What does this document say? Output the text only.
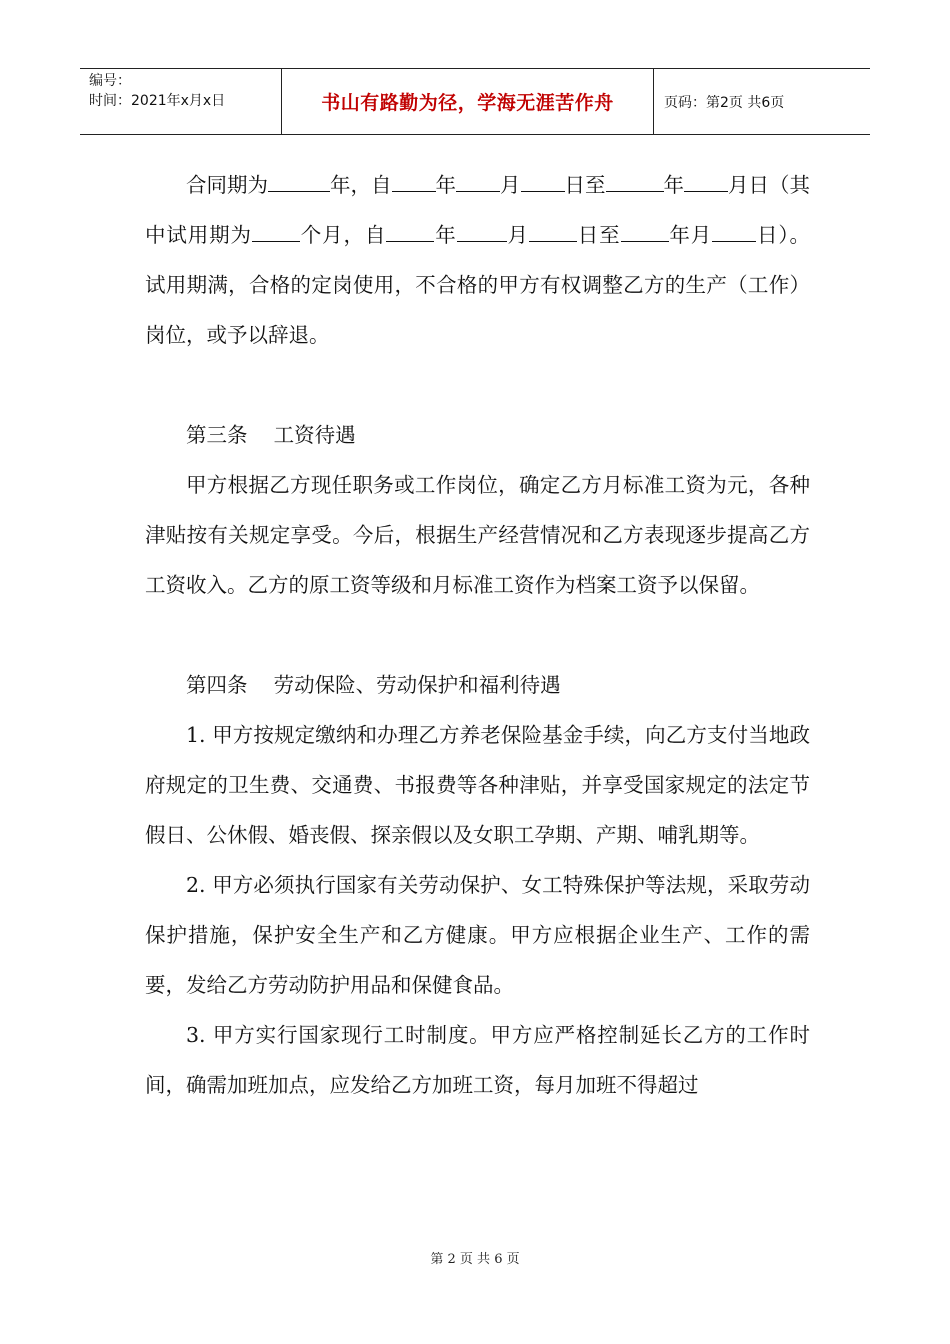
编号：
时间：2021年x月x日	书山有路勤为径，学海无涯苦作舟	页码：第2页 共6页

合同期为	年，自 年 月 日至	年 月日（其中试用期为 个月，自 年 月 日至 年月 日）。试用期满，合格的定岗使用，不合格的甲方有权调整乙方的生产（工作）岗位，或予以辞退。

第三条    工资待遇

甲方根据乙方现任职务或工作岗位，确定乙方月标准工资为元，各种津贴按有关规定享受。今后，根据生产经营情况和乙方表现逐步提高乙方工资收入。乙方的原工资等级和月标准工资作为档案工资予以保留。

第四条    劳动保险、劳动保护和福利待遇

1. 甲方按规定缴纳和办理乙方养老保险基金手续，向乙方支付当地政府规定的卫生费、交通费、书报费等各种津贴，并享受国家规定的法定节假日、公休假、婚丧假、探亲假以及女职工孕期、产期、哺乳期等。

2. 甲方必须执行国家有关劳动保护、女工特殊保护等法规，采取劳动保护措施，保护安全生产和乙方健康。甲方应根据企业生产、工作的需要，发给乙方劳动防护用品和保健食品。

3. 甲方实行国家现行工时制度。甲方应严格控制延长乙方的工作时间，确需加班加点，应发给乙方加班工资，每月加班不得超过

第 2 页 共 6 页
